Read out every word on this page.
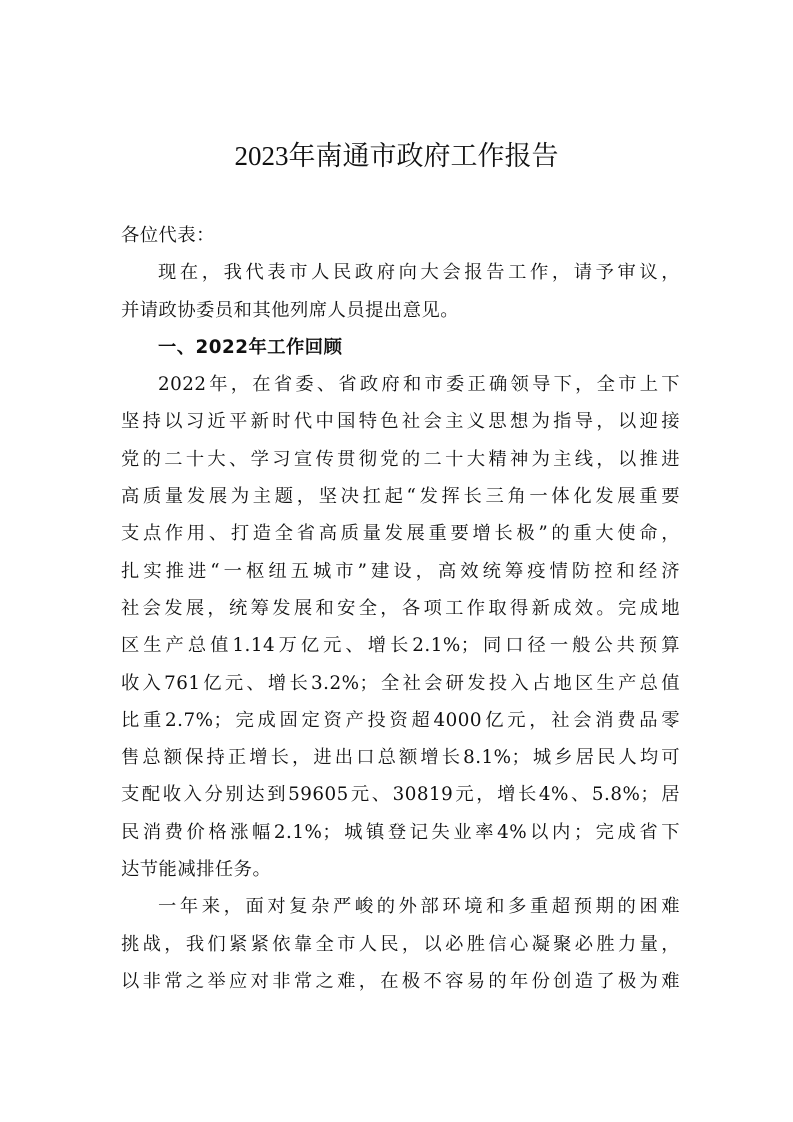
2023年南通市政府工作报告
各位代表：
现在，我代表市人民政府向大会报告工作，请予审议，
并请政协委员和其他列席人员提出意见。
一、2022年工作回顾
2022年，在省委、省政府和市委正确领导下，全市上下
坚持以习近平新时代中国特色社会主义思想为指导，以迎接
党的二十大、学习宣传贯彻党的二十大精神为主线，以推进
高质量发展为主题，坚决扛起“发挥长三角一体化发展重要
支点作用、打造全省高质量发展重要增长极”的重大使命，
扎实推进“一枢纽五城市”建设，高效统筹疫情防控和经济
社会发展，统筹发展和安全，各项工作取得新成效。完成地
区生产总值1.14万亿元、增长2.1%；同口径一般公共预算
收入761亿元、增长3.2%；全社会研发投入占地区生产总值
比重2.7%；完成固定资产投资超4000亿元，社会消费品零
售总额保持正增长，进出口总额增长8.1%；城乡居民人均可
支配收入分别达到59605元、30819元，增长4%、5.8%；居
民消费价格涨幅2.1%；城镇登记失业率4%以内；完成省下
达节能减排任务。
一年来，面对复杂严峻的外部环境和多重超预期的困难
挑战，我们紧紧依靠全市人民，以必胜信心凝聚必胜力量，
以非常之举应对非常之难，在极不容易的年份创造了极为难
